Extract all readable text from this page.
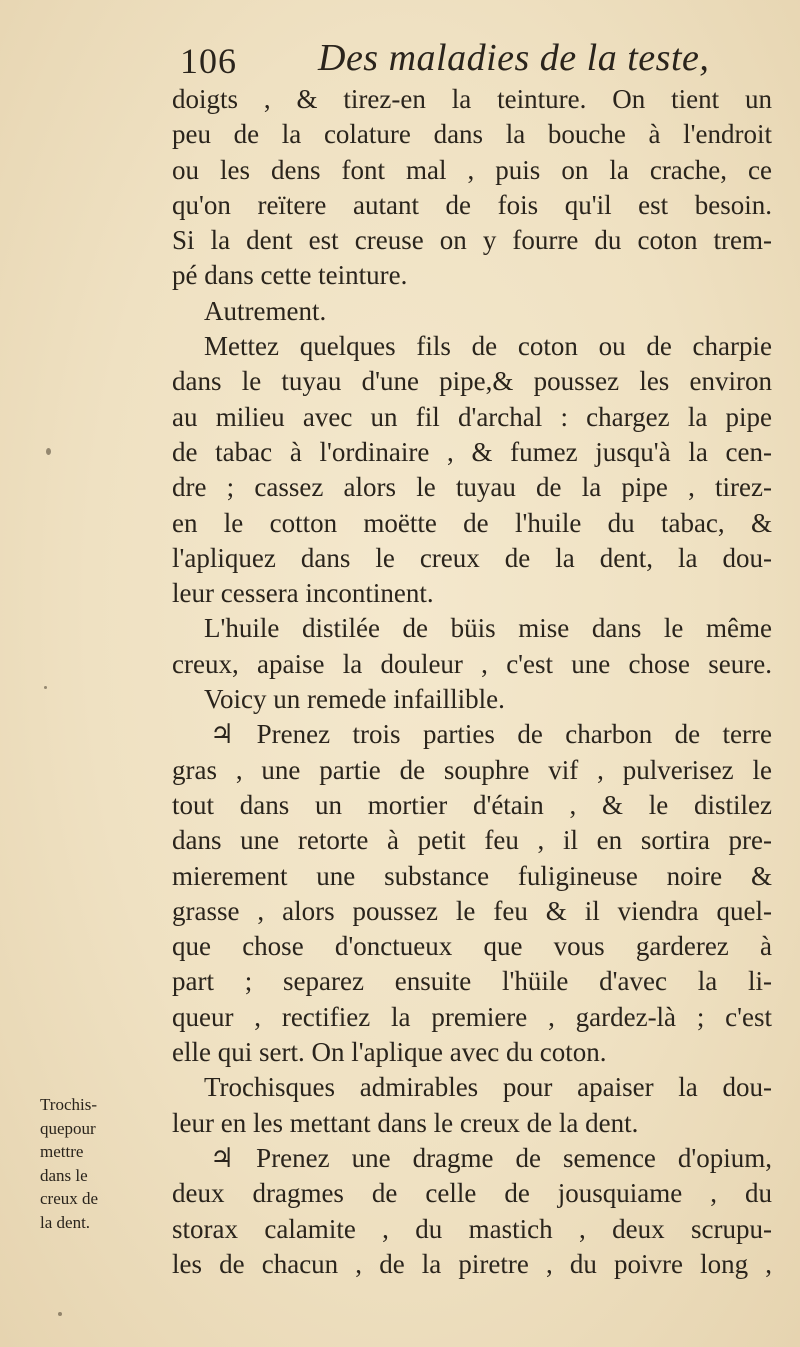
106 Des maladies de la teste,
doigts , & tirez-en la teinture. On tient un
peu de la colature dans la bouche à l'endroit
ou les dens font mal , puis on la crache, ce
qu'on reïtere autant de fois qu'il est besoin.
Si la dent est creuse on y fourre du coton trem-
pé dans cette teinture.
Autrement.
Mettez quelques fils de coton ou de charpie
dans le tuyau d'une pipe,& poussez les environ
au milieu avec un fil d'archal : chargez la pipe
de tabac à l'ordinaire , & fumez jusqu'à la cen-
dre ; cassez alors le tuyau de la pipe , tirez-
en le cotton moëtte de l'huile du tabac, &
l'apliquez dans le creux de la dent, la dou-
leur cessera incontinent.
L'huile distilée de büis mise dans le même
creux, apaise la douleur , c'est une chose seure.
Voicy un remede infaillible.
♃ Prenez trois parties de charbon de terre
gras , une partie de souphre vif , pulverisez le
tout dans un mortier d'étain , & le distilez
dans une retorte à petit feu , il en sortira pre-
mierement une substance fuligineuse noire &
grasse , alors poussez le feu & il viendra quel-
que chose d'onctueux que vous garderez à
part ; separez ensuite l'hüile d'avec la li-
queur , rectifiez la premiere , gardez-là ; c'est
elle qui sert. On l'aplique avec du coton.
Trochisques admirables pour apaiser la dou-
leur en les mettant dans le creux de la dent.
♃ Prenez une dragme de semence d'opium,
deux dragmes de celle de jousquiame , du
storax calamite , du mastich , deux scrupu-
les de chacun , de la piretre , du poivre long ,
Trochis-
quepour
mettre
dans le
creux de
la dent.
